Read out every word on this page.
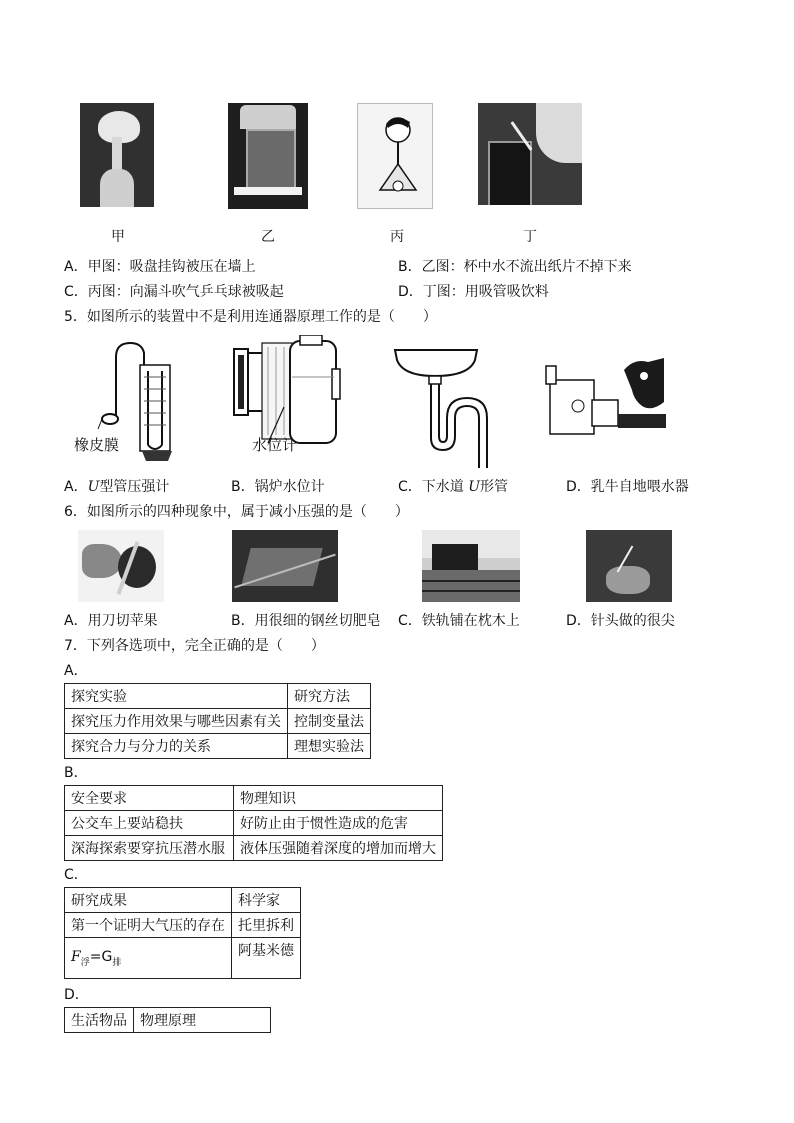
甲	乙	丙	丁
A．甲图：吸盘挂钩被压在墙上	B．乙图：杯中水不流出纸片不掉下来
C．丙图：向漏斗吹气乒乓球被吸起	D．丁图：用吸管吸饮料
5．如图所示的装置中不是利用连通器原理工作的是（　　）
橡皮膜	水位计
A．U型管压强计	B．锅炉水位计	C．下水道 U形管	D．乳牛自地喂水器
6．如图所示的四种现象中，属于减小压强的是（　　）
A．用刀切苹果	B．用很细的钢丝切肥皂 C．铁轨铺在枕木上	D．针头做的很尖
7．下列各选项中，完全正确的是（　　）
A．
探究实验	研究方法
探究压力作用效果与哪些因素有关	控制变量法
探究合力与分力的关系	理想实验法
B．
安全要求	物理知识
公交车上要站稳扶	好防止由于惯性造成的危害
深海探索要穿抗压潜水服	液体压强随着深度的增加而增大
C．
研究成果	科学家
第一个证明大气压的存在	托里拆利
$F_浮=G_排$	阿基米德
D．
生活物品	物理原理
